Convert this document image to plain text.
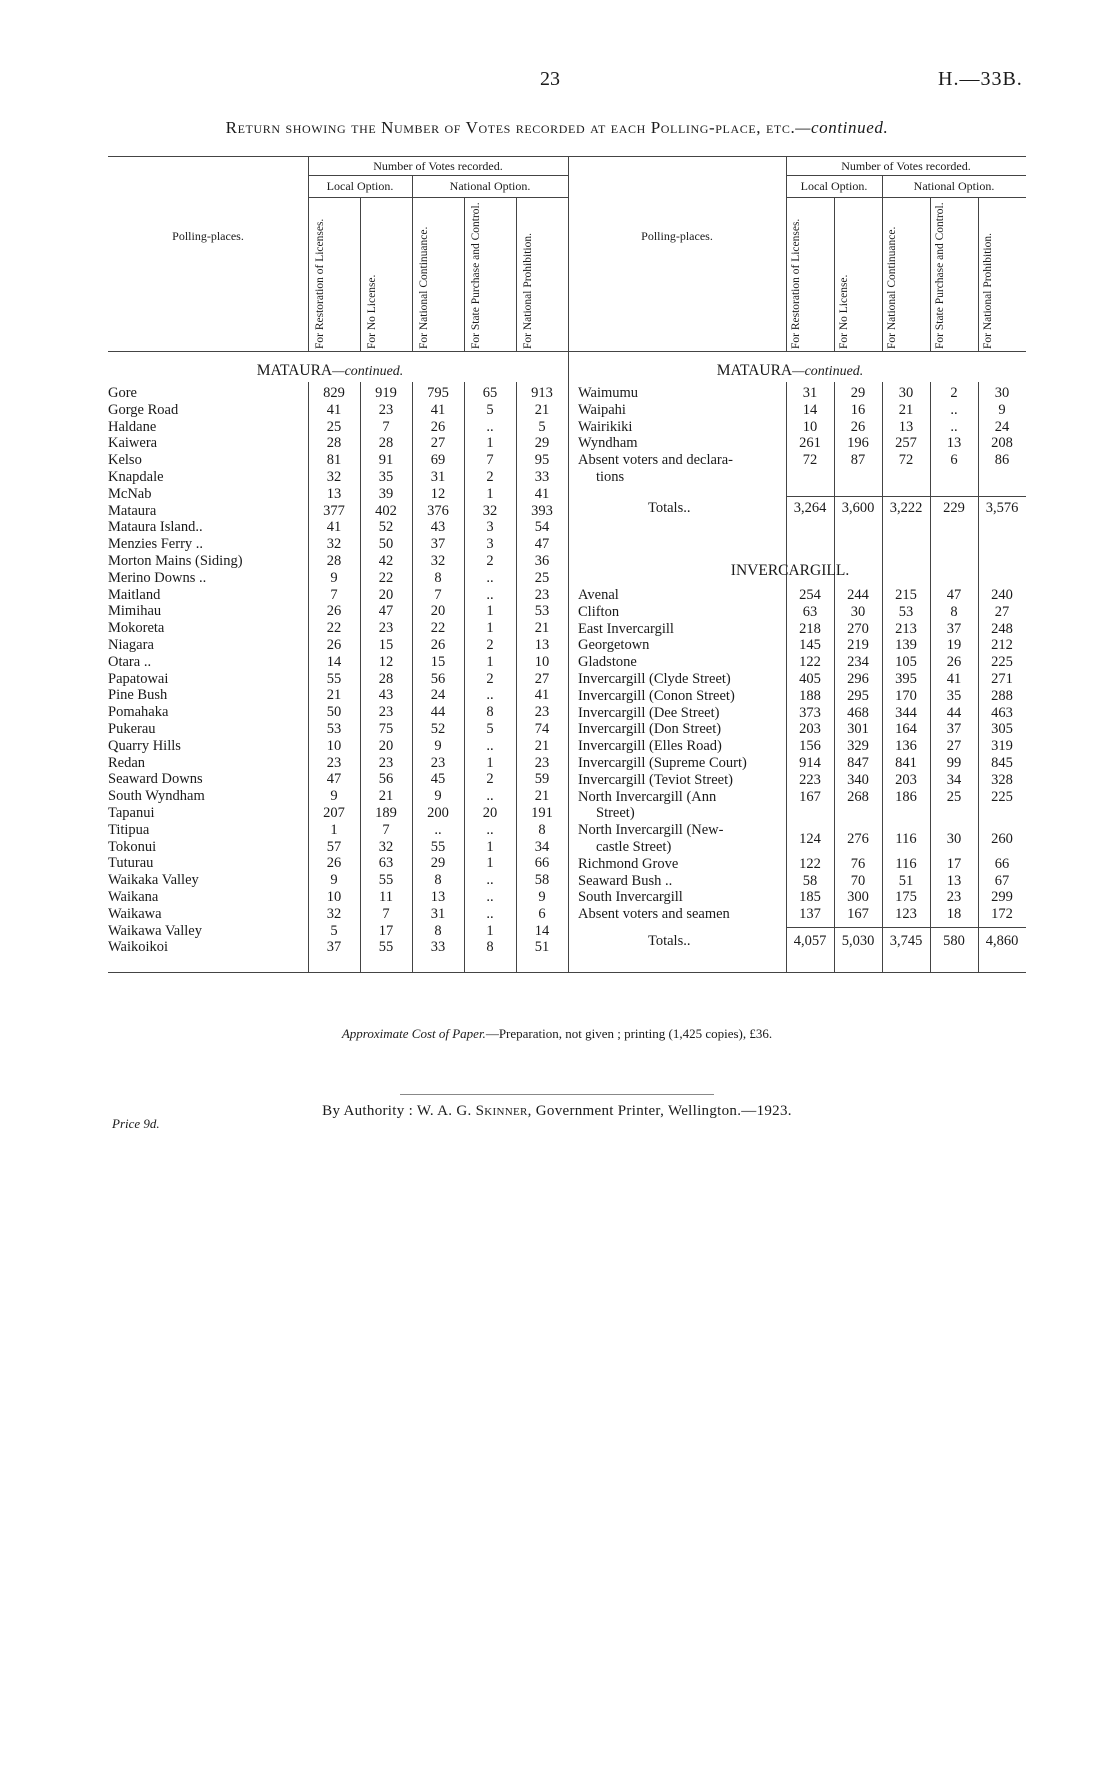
23	H.—33B.
Return showing the Number of Votes recorded at each Polling-place, etc.—continued.
Polling-places.
Number of Votes recorded.
Local Option.	National Option.
For Restoration of Licenses.	For No License.	For National Continuance.	For State Purchase and Control.	For National Prohibition.	Polling-places.
Number of Votes recorded.
Local Option.	National Option.
For Restoration of Licenses.	For No License.	For National Continuance.	For State Purchase and Control.	For National Prohibition.
MATAURA—continued.	MATAURA—continued.
INVERCARGILL.
Gore	829	919	795	65	913
Gorge Road	41	23	41	5	21
Haldane	25	7	26	..	5
Kaiwera	28	28	27	1	29
Kelso	81	91	69	7	95
Knapdale	32	35	31	2	33
McNab	13	39	12	1	41
Mataura	377	402	376	32	393
Mataura Island..	41	52	43	3	54
Menzies Ferry ..	32	50	37	3	47
Morton Mains (Siding)	28	42	32	2	36
Merino Downs ..	9	22	8	..	25
Maitland	7	20	7	..	23
Mimihau	26	47	20	1	53
Mokoreta	22	23	22	1	21
Niagara	26	15	26	2	13
Otara ..	14	12	15	1	10
Papatowai	55	28	56	2	27
Pine Bush	21	43	24	..	41
Pomahaka	50	23	44	8	23
Pukerau	53	75	52	5	74
Quarry Hills	10	20	9	..	21
Redan	23	23	23	1	23
Seaward Downs	47	56	45	2	59
South Wyndham	9	21	9	..	21
Tapanui	207	189	200	20	191
Titipua	1	7	..	..	8
Tokonui	57	32	55	1	34
Tuturau	26	63	29	1	66
Waikaka Valley	9	55	8	..	58
Waikana	10	11	13	..	9
Waikawa	32	7	31	..	6
Waikawa Valley	5	17	8	1	14
Waikoikoi	37	55	33	8	51
Waimumu	31	29	30	2	30
Waipahi	14	16	21	..	9
Wairikiki	10	26	13	..	24
Wyndham	261	196	257	13	208
Absent voters and declara-
tions
72	87	72	6	86
Totals..	3,264	3,600	3,222	229	3,576
Avenal	254	244	215	47	240
Clifton	63	30	53	8	27
East Invercargill	218	270	213	37	248
Georgetown	145	219	139	19	212
Gladstone	122	234	105	26	225
Invercargill (Clyde Street)	405	296	395	41	271
Invercargill (Conon Street)	188	295	170	35	288
Invercargill (Dee Street)	373	468	344	44	463
Invercargill (Don Street)	203	301	164	37	305
Invercargill (Elles Road)	156	329	136	27	319
Invercargill (Supreme Court)	914	847	841	99	845
Invercargill (Teviot Street)	223	340	203	34	328
North Invercargill (Ann
Street)
167	268	186	25	225
North Invercargill (New-
castle Street)
124	276	116	30	260
Richmond Grove	122	76	116	17	66
Seaward Bush ..	58	70	51	13	67
South Invercargill	185	300	175	23	299
Absent voters and seamen	137	167	123	18	172
Totals..	4,057	5,030	3,745	580	4,860
Approximate Cost of Paper.—Preparation, not given ; printing (1,425 copies), £36.
Price 9d.
By Authority : W. A. G. Skinner, Government Printer, Wellington.—1923.
